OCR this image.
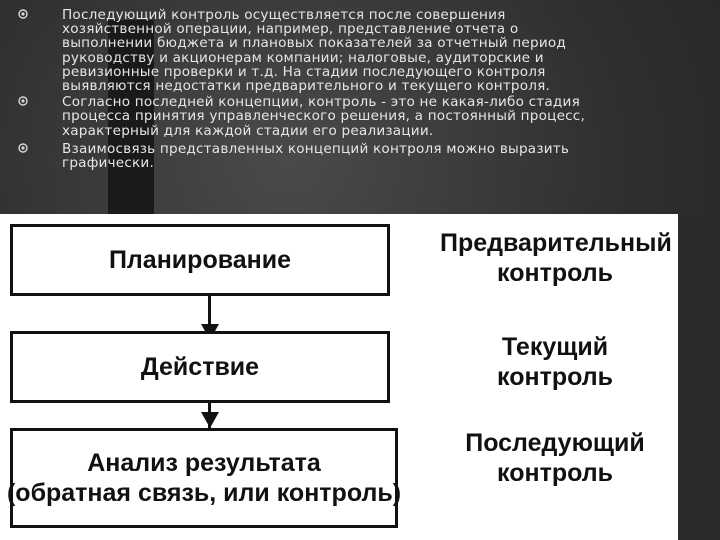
Последующий контроль осуществляется после совершения
хозяйственной операции, например, представление отчета о
выполнении бюджета и плановых показателей за отчетный период
руководству и акционерам компании; налоговые, аудиторские и
ревизионные проверки и т.д. На стадии последующего контроля
выявляются недостатки предварительного и текущего контроля.
Согласно последней концепции, контроль - это не какая-либо стадия
процесса принятия управленческого решения, а постоянный процесс,
характерный для каждой стадии его реализации.
Взаимосвязь представленных концепций контроля можно выразить
графически.
Планирование
Действие
Анализ результата
(обратная связь, или контроль)
Предварительный
контроль
Текущий
контроль
Последующий
контроль
